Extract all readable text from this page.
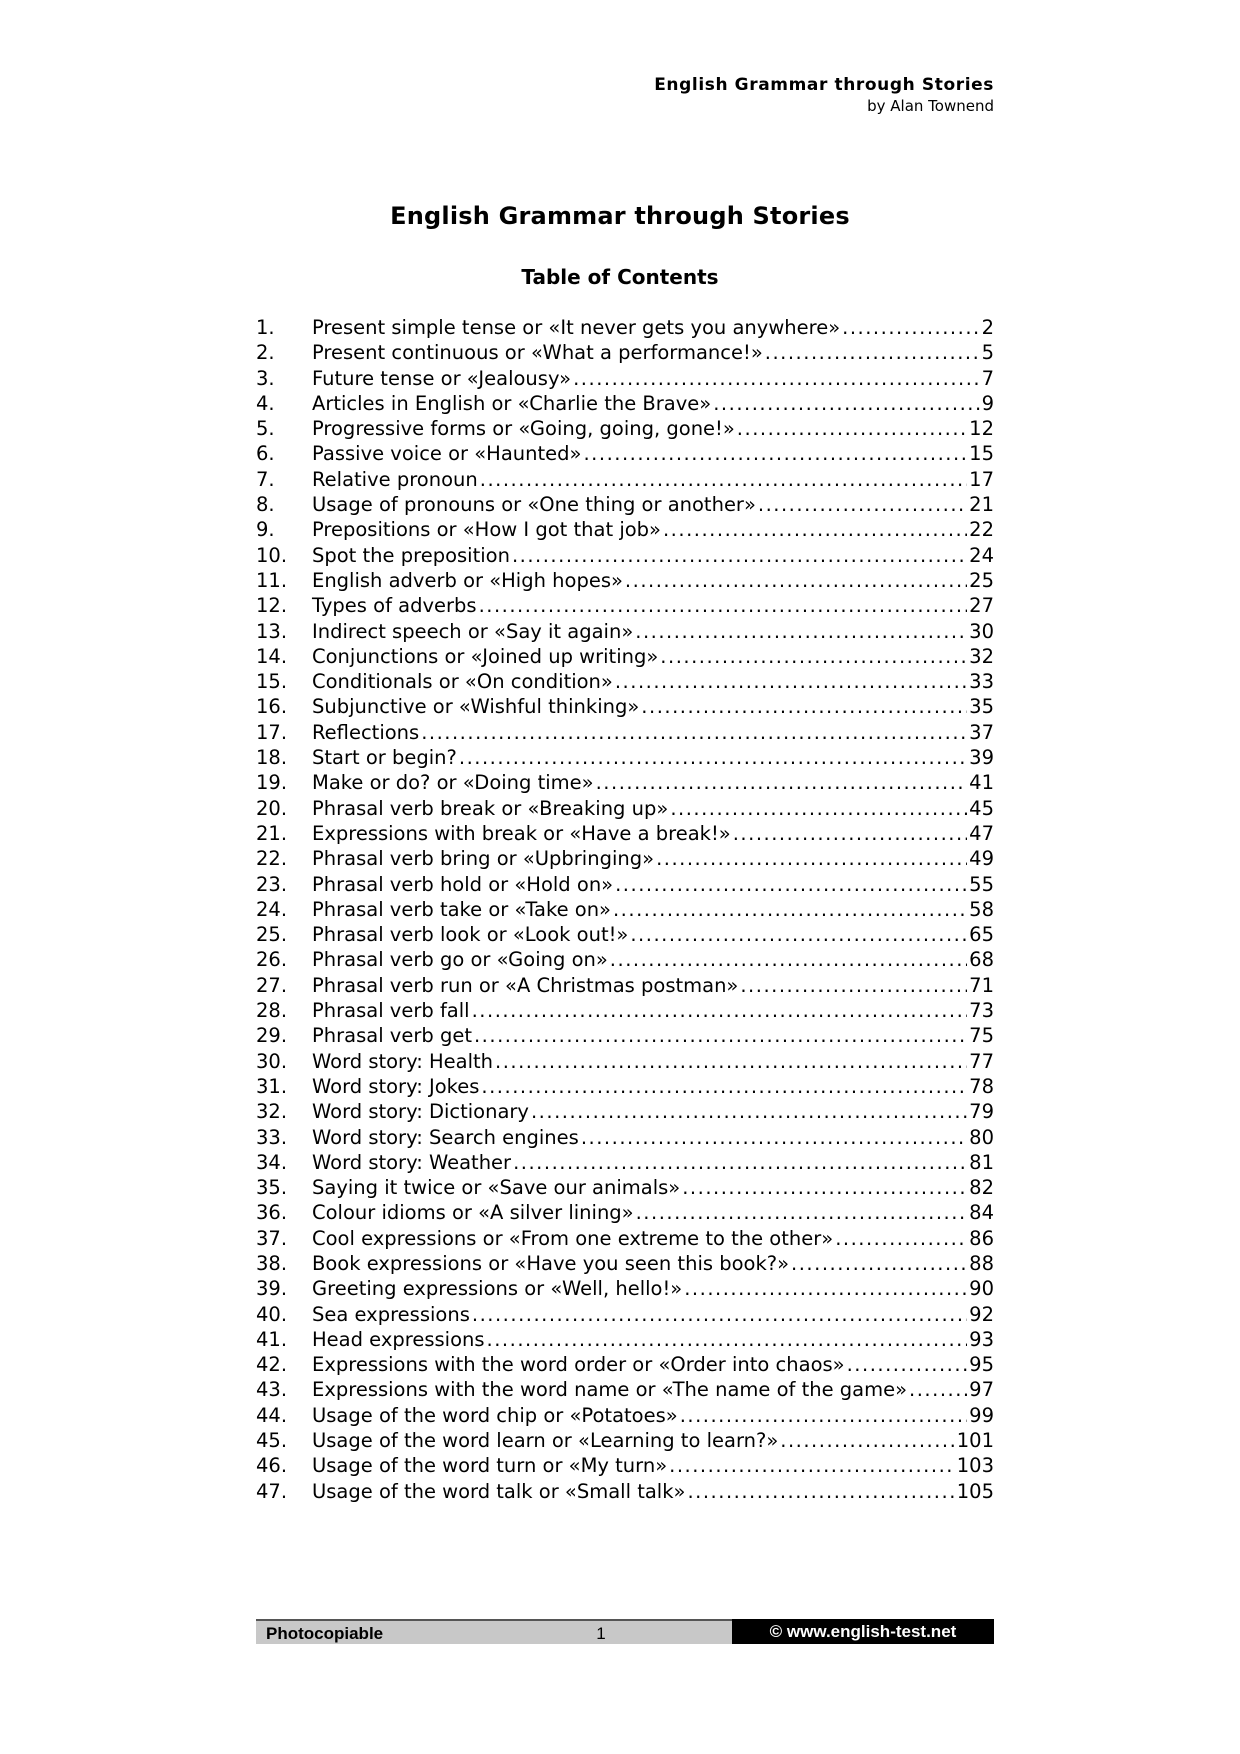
English Grammar through Stories
by Alan Townend
English Grammar through Stories
Table of Contents
1.	Present simple tense or «It never gets you anywhere» .....	2
2.	Present continuous or «What a performance!» .....	5
3.	Future tense or «Jealousy» .....	7
4.	Articles in English or «Charlie the Brave» .....	9
5.	Progressive forms or «Going, going, gone!» .....	12
6.	Passive voice or «Haunted» .....	15
7.	Relative pronoun .....	17
8.	Usage of pronouns or «One thing or another» .....	21
9.	Prepositions or «How I got that job» .....	22
10.	Spot the preposition .....	24
11.	English adverb or «High hopes» .....	25
12.	Types of adverbs .....	27
13.	Indirect speech or «Say it again» .....	30
14.	Conjunctions or «Joined up writing» .....	32
15.	Conditionals or «On condition» .....	33
16.	Subjunctive or «Wishful thinking» .....	35
17.	Reflections .....	37
18.	Start or begin? .....	39
19.	Make or do? or «Doing time» .....	41
20.	Phrasal verb break or «Breaking up» .....	45
21.	Expressions with break or «Have a break!» .....	47
22.	Phrasal verb bring or «Upbringing» .....	49
23.	Phrasal verb hold or «Hold on» .....	55
24.	Phrasal verb take or «Take on» .....	58
25.	Phrasal verb look or «Look out!» .....	65
26.	Phrasal verb go or «Going on» .....	68
27.	Phrasal verb run or «A Christmas postman» .....	71
28.	Phrasal verb fall .....	73
29.	Phrasal verb get .....	75
30.	Word story: Health .....	77
31.	Word story: Jokes .....	78
32.	Word story: Dictionary .....	79
33.	Word story: Search engines .....	80
34.	Word story: Weather .....	81
35.	Saying it twice or «Save our animals» .....	82
36.	Colour idioms or «A silver lining» .....	84
37.	Cool expressions or «From one extreme to the other» .....	86
38.	Book expressions or «Have you seen this book?» .....	88
39.	Greeting expressions or «Well, hello!» .....	90
40.	Sea expressions .....	92
41.	Head expressions .....	93
42.	Expressions with the word order or «Order into chaos» .....	95
43.	Expressions with the word name or «The name of the game» .....	97
44.	Usage of the word chip or «Potatoes» .....	99
45.	Usage of the word learn or «Learning to learn?» .....	101
46.	Usage of the word turn or «My turn» .....	103
47.	Usage of the word talk or «Small talk» .....	105
Photocopiable	1	© www.english-test.net
